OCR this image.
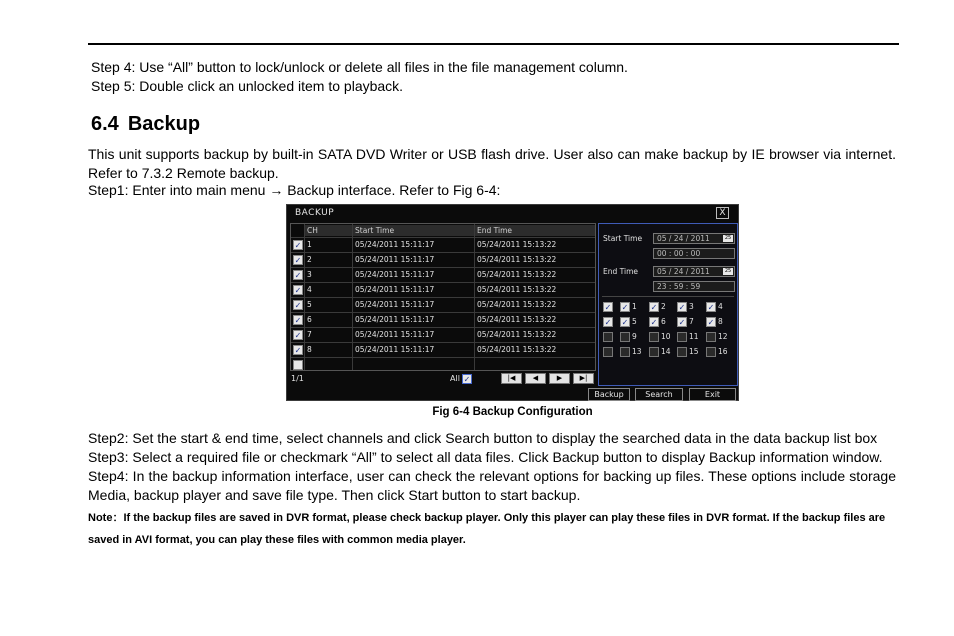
Step 4: Use “All” button to lock/unlock or delete all files in the file management column.
Step 5: Double click an unlocked item to playback.
6.4 Backup
This unit supports backup by built-in SATA DVD Writer or USB flash drive. User also can make backup by IE browser via internet. Refer to 7.3.2 Remote backup.
Step1: Enter into main menu → Backup interface. Refer to Fig 6-4:
BACKUP	X
CH	Start Time	End Time
✓ 1	05/24/2011 15:11:17	05/24/2011 15:13:22
✓ 2	05/24/2011 15:11:17	05/24/2011 15:13:22
✓ 3	05/24/2011 15:11:17	05/24/2011 15:13:22
✓ 4	05/24/2011 15:11:17	05/24/2011 15:13:22
✓ 5	05/24/2011 15:11:17	05/24/2011 15:13:22
✓ 6	05/24/2011 15:11:17	05/24/2011 15:13:22
✓ 7	05/24/2011 15:11:17	05/24/2011 15:13:22
✓ 8	05/24/2011 15:11:17	05/24/2011 15:13:22
1/1	All ✓	|◀	◀	▶	▶|
Start Time	05 / 24 / 2011	25
00 : 00 : 00
End Time	05 / 24 / 2011	25
23 : 59 : 59
✓ ✓ 1 ✓ 2 ✓ 3 ✓ 4
✓ ✓ 5 ✓ 6 ✓ 7 ✓ 8
9	10 11	12
13	14 15	16
Backup	Search	Exit
Fig 6-4 Backup Configuration
Step2: Set the start & end time, select channels and click Search button to display the searched data in the data backup list box
Step3: Select a required file or checkmark “All” to select all data files. Click Backup button to display Backup information window.
Step4: In the backup information interface, user can check the relevant options for backing up files. These options include storage Media, backup player and save file type. Then click Start button to start backup.
Note：If the backup files are saved in DVR format, please check backup player. Only this player can play these files in DVR format. If the backup files are saved in AVI format, you can play these files with common media player.
